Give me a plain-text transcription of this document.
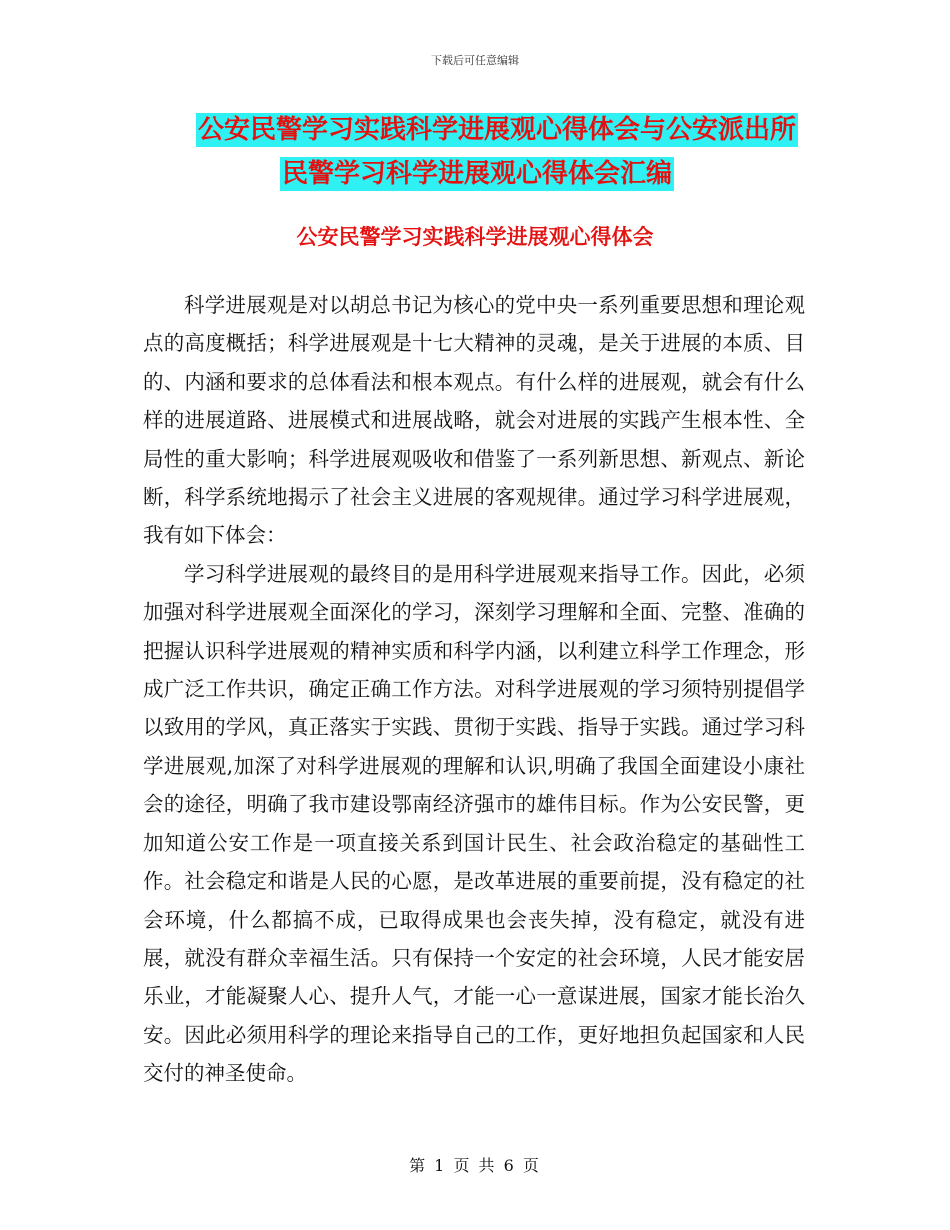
下载后可任意编辑
公安民警学习实践科学进展观心得体会与公安派出所
民警学习科学进展观心得体会汇编
公安民警学习实践科学进展观心得体会

科学进展观是对以胡总书记为核心的党中央一系列重要思想和理论观点的高度概括；科学进展观是十七大精神的灵魂，是关于进展的本质、目的、内涵和要求的总体看法和根本观点。有什么样的进展观，就会有什么样的进展道路、进展模式和进展战略，就会对进展的实践产生根本性、全局性的重大影响；科学进展观吸收和借鉴了一系列新思想、新观点、新论断，科学系统地揭示了社会主义进展的客观规律。通过学习科学进展观，我有如下体会：

学习科学进展观的最终目的是用科学进展观来指导工作。因此，必须加强对科学进展观全面深化的学习，深刻学习理解和全面、完整、准确的把握认识科学进展观的精神实质和科学内涵，以利建立科学工作理念，形成广泛工作共识，确定正确工作方法。对科学进展观的学习须特别提倡学以致用的学风，真正落实于实践、贯彻于实践、指导于实践。通过学习科学进展观,加深了对科学进展观的理解和认识,明确了我国全面建设小康社会的途径，明确了我市建设鄂南经济强市的雄伟目标。作为公安民警，更加知道公安工作是一项直接关系到国计民生、社会政治稳定的基础性工作。社会稳定和谐是人民的心愿，是改革进展的重要前提，没有稳定的社会环境，什么都搞不成，已取得成果也会丧失掉，没有稳定，就没有进展，就没有群众幸福生活。只有保持一个安定的社会环境，人民才能安居乐业，才能凝聚人心、提升人气，才能一心一意谋进展，国家才能长治久安。因此必须用科学的理论来指导自己的工作，更好地担负起国家和人民交付的神圣使命。

第 1 页 共 6 页
